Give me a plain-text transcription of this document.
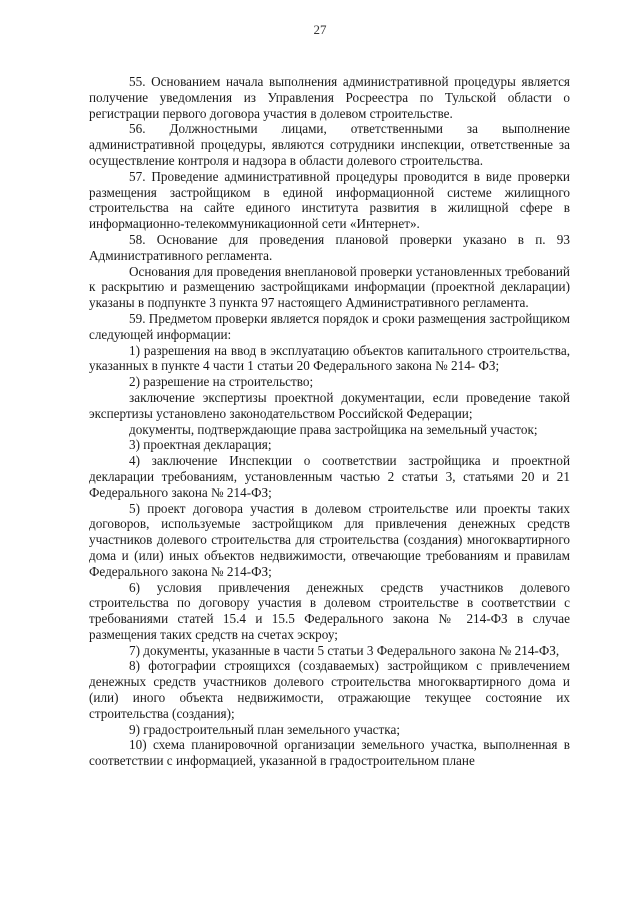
27

55. Основанием начала выполнения административной процедуры является получение уведомления из Управления Росреестра по Тульской области о регистрации первого договора участия в долевом строительстве.

56. Должностными лицами, ответственными за выполнение административной процедуры, являются сотрудники инспекции, ответственные за осуществление контроля и надзора в области долевого строительства.

57. Проведение административной процедуры проводится в виде проверки размещения застройщиком в единой информационной системе жилищного строительства на сайте единого института развития в жилищной сфере в информационно-телекоммуникационной сети «Интернет».

58. Основание для проведения плановой проверки указано в п. 93 Административного регламента.

Основания для проведения внеплановой проверки установленных требований к раскрытию и размещению застройщиками информации (проектной декларации) указаны в подпункте 3 пункта 97 настоящего Административного регламента.

59. Предметом проверки является порядок и сроки размещения застройщиком следующей информации:

1) разрешения на ввод в эксплуатацию объектов капитального строительства, указанных в пункте 4 части 1 статьи 20 Федерального закона № 214- ФЗ;

2) разрешение на строительство;

заключение экспертизы проектной документации, если проведение такой экспертизы установлено законодательством Российской Федерации;

документы, подтверждающие права застройщика на земельный участок;

3) проектная декларация;

4) заключение Инспекции о соответствии застройщика и проектной декларации требованиям, установленным частью 2 статьи 3, статьями 20 и 21 Федерального закона № 214-ФЗ;

5) проект договора участия в долевом строительстве или проекты таких договоров, используемые застройщиком для привлечения денежных средств участников долевого строительства для строительства (создания) многоквартирного дома и (или) иных объектов недвижимости, отвечающие требованиям и правилам Федерального закона № 214-ФЗ;

6) условия привлечения денежных средств участников долевого строительства по договору участия в долевом строительстве в соответствии с требованиями статей 15.4 и 15.5 Федерального закона № 214-ФЗ в случае размещения таких средств на счетах эскроу;

7) документы, указанные в части 5 статьи 3 Федерального закона № 214-ФЗ,

8) фотографии строящихся (создаваемых) застройщиком с привлечением денежных средств участников долевого строительства многоквартирного дома и (или) иного объекта недвижимости, отражающие текущее состояние их строительства (создания);

9) градостроительный план земельного участка;

10) схема планировочной организации земельного участка, выполненная в соответствии с информацией, указанной в градостроительном плане
